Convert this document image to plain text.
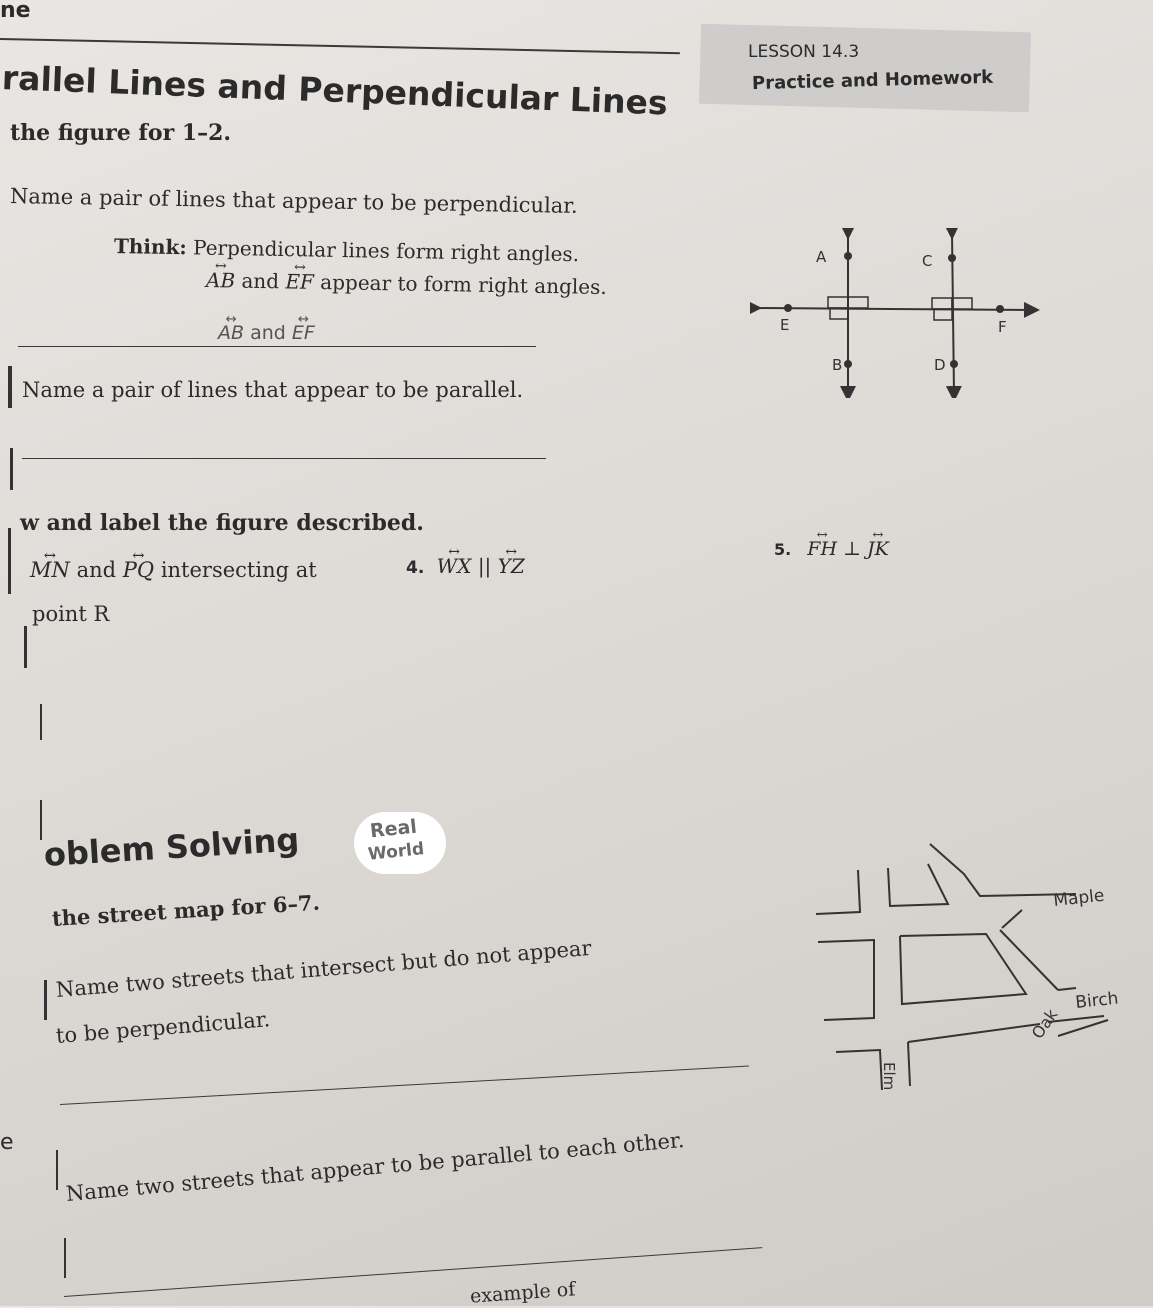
ne
LESSON 14.3
Practice and Homework
rallel Lines and Perpendicular Lines
the figure for 1–2.
Name a pair of lines that appear to be perpendicular.
Think: Perpendicular lines form right angles.
↔ AB and ↔ EF appear to form right angles.
↔ AB and ↔ EF
Name a pair of lines that appear to be parallel.
A	C
E	F
B	D
w and label the figure described.
↔ MN and ↔ PQ intersecting at
point R
4. ↔ WX || ↔ YZ
5. ↔ FH ⊥ ↔ JK
oblem Solving	Real
World
the street map for 6–7.
Name two streets that intersect but do not appear
to be perpendicular.
e Name two streets that appear to be parallel to each other.
example of
Maple
Birch
Oak
Elm
